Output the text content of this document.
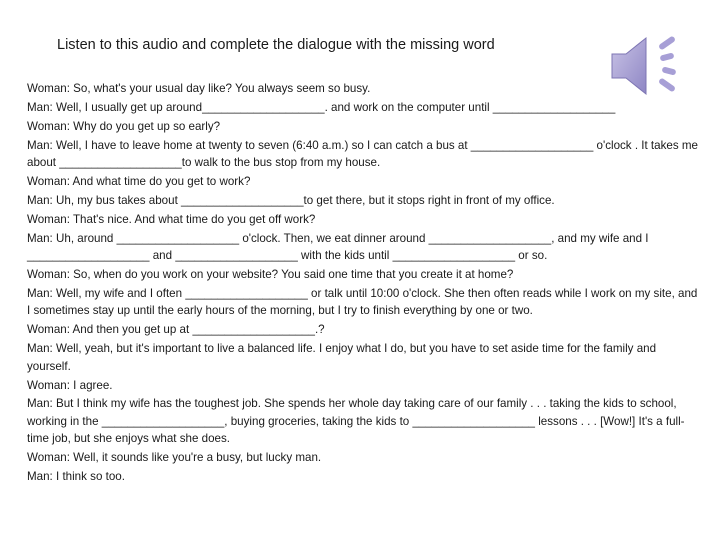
Listen to this audio and complete the dialogue with the missing word

Woman: So, what's your usual day like? You always seem so busy.

Man: Well, I usually get up around___________________. and work on the computer until ___________________

Woman: Why do you get up so early?

Man: Well, I have to leave home at twenty to seven (6:40 a.m.) so I can catch a bus at ___________________ o'clock . It takes me about ___________________to walk to the bus stop from my house.

Woman: And what time do you get to work?

Man: Uh, my bus takes about ___________________to get there, but it stops right in front of my office.

Woman: That's nice. And what time do you get off work?

Man: Uh, around ___________________ o'clock. Then, we eat dinner around ___________________, and my wife and I ___________________ and ___________________ with the kids until ___________________ or so.

Woman: So, when do you work on your website? You said one time that you create it at home?

Man: Well, my wife and I often ___________________ or talk until 10:00 o'clock. She then often reads while I work on my site, and I sometimes stay up until the early hours of the morning, but I try to finish everything by one or two.

Woman: And then you get up at ___________________.?

Man: Well, yeah, but it's important to live a balanced life. I enjoy what I do, but you have to set aside time for the family and yourself.

Woman: I agree.

Man: But I think my wife has the toughest job. She spends her whole day taking care of our family . . . taking the kids to school, working in the ___________________, buying groceries, taking the kids to ___________________ lessons . . . [Wow!] It's a full-time job, but she enjoys what she does.

Woman: Well, it sounds like you're a busy, but lucky man.

Man: I think so too.
